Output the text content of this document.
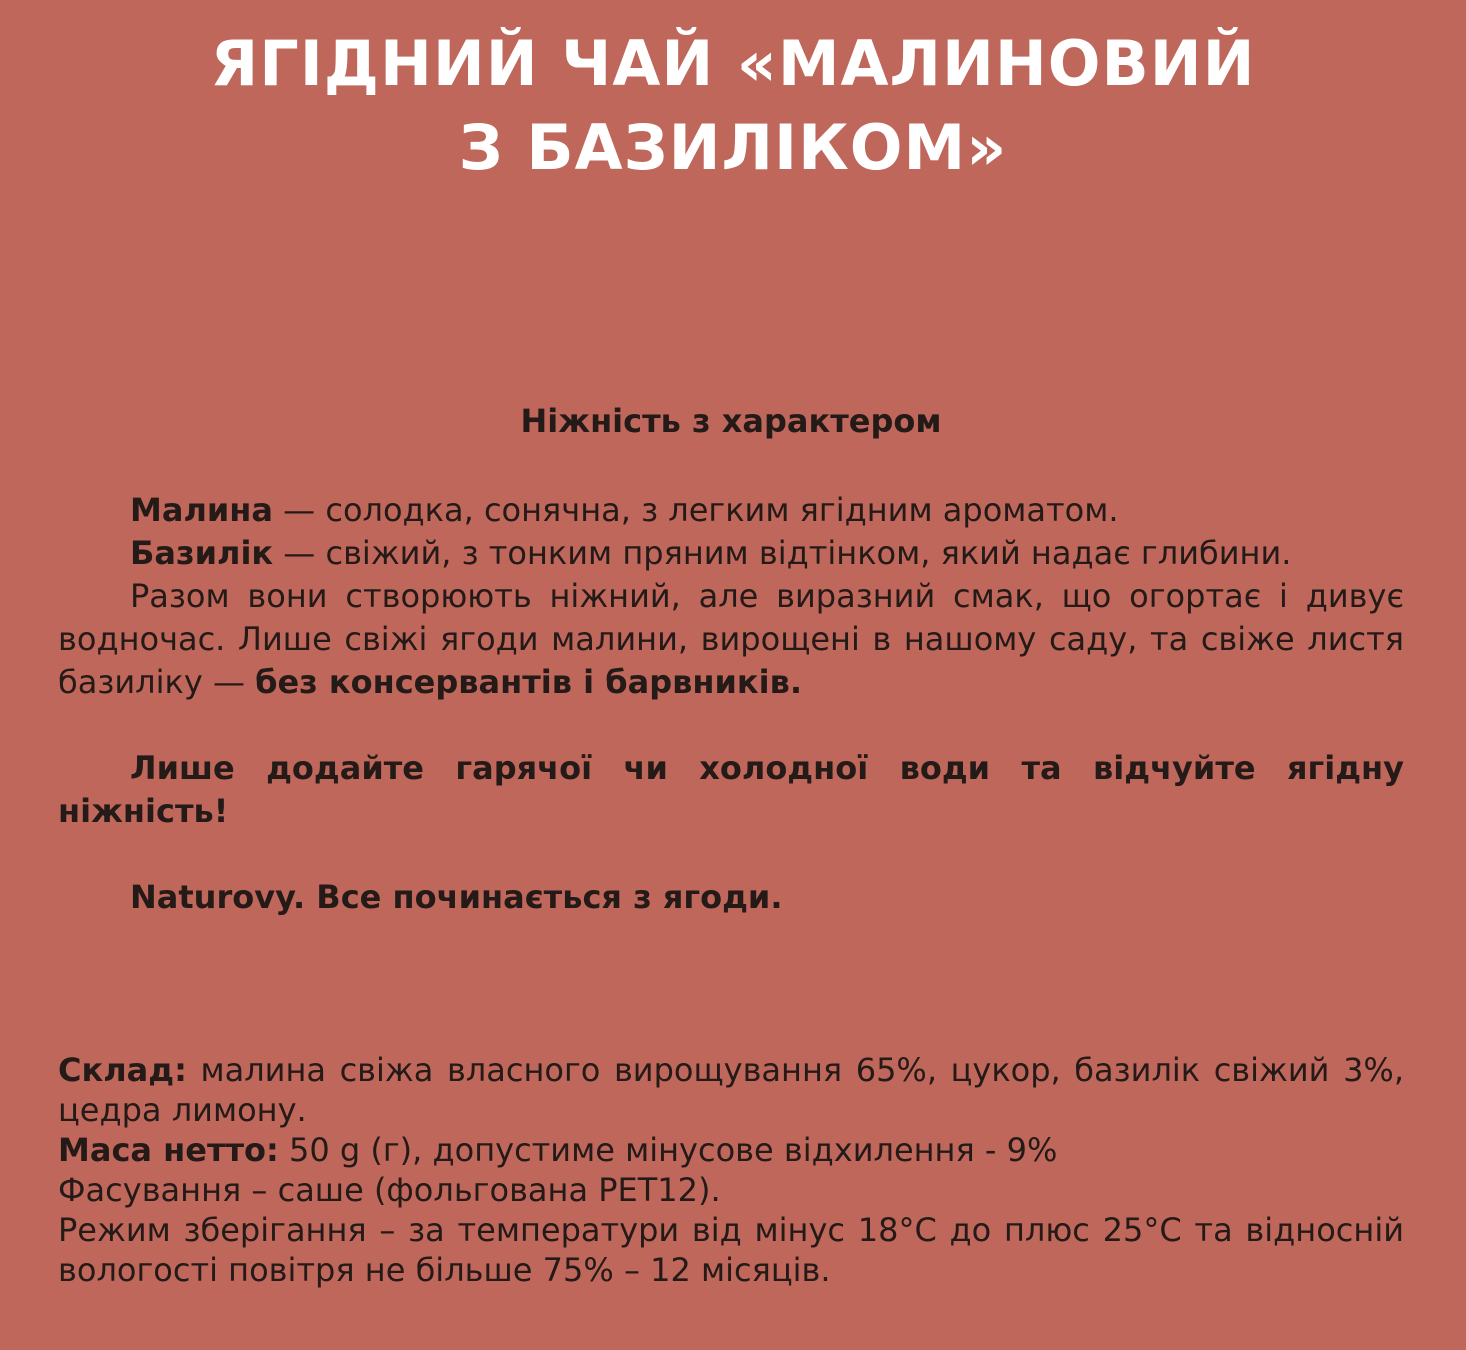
ЯГІДНИЙ ЧАЙ «МАЛИНОВИЙ
З БАЗИЛІКОМ»
Ніжність з характером

Малина — солодка, сонячна, з легким ягідним ароматом.

Базилік — свіжий, з тонким пряним відтінком, який надає глибини.

Разом вони створюють ніжний, але виразний смак, що огортає і дивує водночас. Лише свіжі ягоди малини, вирощені в нашому саду, та свіже листя базиліку — без консервантів і барвників.

Лише додайте гарячої чи холодної води та відчуйте ягідну ніжність!

Naturovy. Все починається з ягоди.

Склад: малина свіжа власного вирощування 65%, цукор, базилік свіжий 3%, цедра лимону.

Маса нетто: 50 g (г), допустиме мінусове відхилення - 9%

Фасування – саше (фольгована PET12).

Режим зберігання – за температури від мінус 18°C до плюс 25°C та відносній вологості повітря не більше 75% – 12 місяців.
